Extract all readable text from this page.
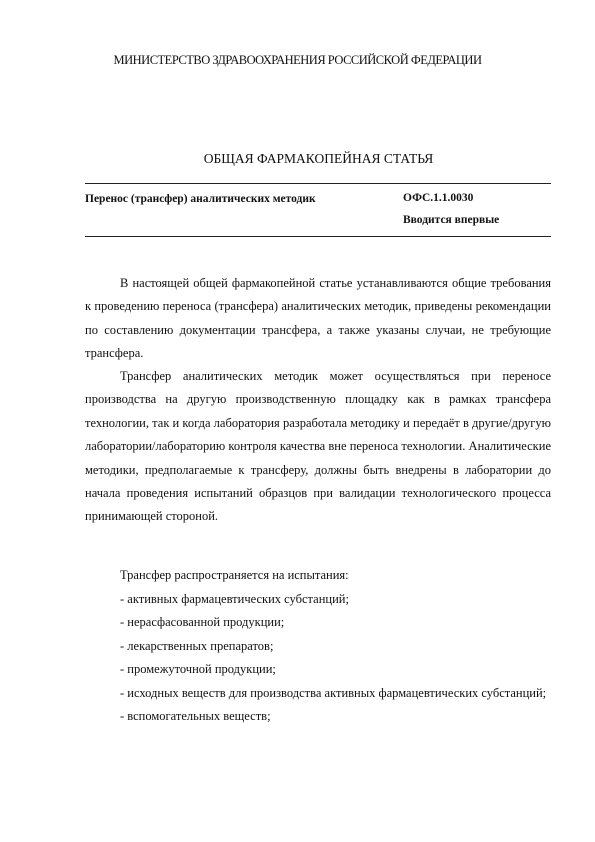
МИНИСТЕРСТВО ЗДРАВООХРАНЕНИЯ РОССИЙСКОЙ ФЕДЕРАЦИИ
ОБЩАЯ ФАРМАКОПЕЙНАЯ СТАТЬЯ
Перенос (трансфер) аналитических методик	ОФС.1.1.0030
Вводится впервые

В настоящей общей фармакопейной статье устанавливаются общие требования к проведению переноса (трансфера) аналитических методик, приведены рекомендации по составлению документации трансфера, а также указаны случаи, не требующие трансфера.

Трансфер аналитических методик может осуществляться при переносе производства на другую производственную площадку как в рамках трансфера технологии, так и когда лаборатория разработала методику и передаёт в другие/другую лаборатории/лабораторию контроля качества вне переноса технологии. Аналитические методики, предполагаемые к трансферу, должны быть внедрены в лаборатории до начала проведения испытаний образцов при валидации технологического процесса принимающей стороной.

Трансфер распространяется на испытания:

- активных фармацевтических субстанций;

- нерасфасованной продукции;

- лекарственных препаратов;

- промежуточной продукции;

- исходных веществ для производства активных фармацевтических субстанций;

- вспомогательных веществ;
